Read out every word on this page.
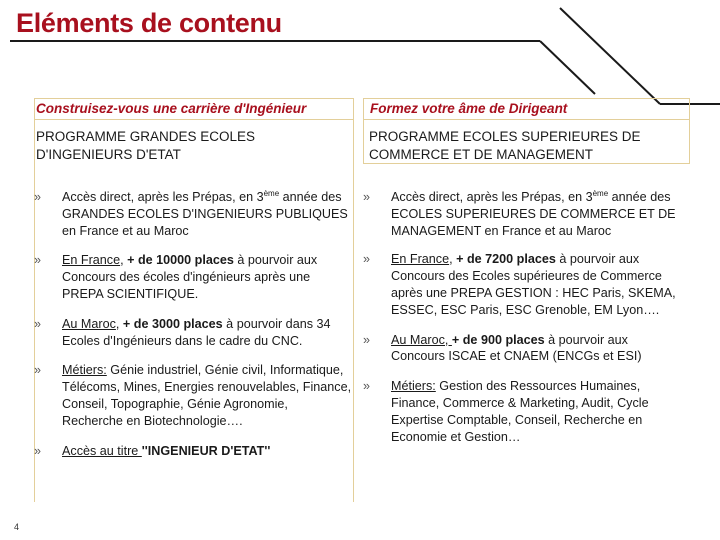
Eléments de contenu
Construisez-vous une carrière d'Ingénieur
PROGRAMME GRANDES ECOLES D'INGENIEURS D'ETAT
Formez votre âme de Dirigeant
PROGRAMME ECOLES SUPERIEURES DE COMMERCE ET DE MANAGEMENT
» Accès direct, après les Prépas, en 3ème année des GRANDES ECOLES D'INGENIEURS PUBLIQUES en France et au Maroc
» En France, + de 10000 places à pourvoir aux Concours des écoles d'ingénieurs après une PREPA SCIENTIFIQUE.
» Au Maroc, + de 3000 places à pourvoir dans 34 Ecoles d'Ingénieurs dans le cadre du CNC.
» Métiers: Génie industriel, Génie civil, Informatique, Télécoms, Mines, Energies renouvelables, Finance, Conseil, Topographie, Génie Agronomie, Recherche en Biotechnologie….
» Accès au titre ''INGENIEUR D'ETAT''
» Accès direct, après les Prépas, en 3ème année des ECOLES SUPERIEURES DE COMMERCE ET DE MANAGEMENT en France et au Maroc
» En France, + de 7200 places à pourvoir aux Concours des Ecoles supérieures de Commerce après une PREPA GESTION : HEC Paris, SKEMA, ESSEC, ESC Paris, ESC Grenoble, EM Lyon….
» Au Maroc, + de 900 places à pourvoir aux Concours ISCAE et CNAEM (ENCGs et ESI)
» Métiers: Gestion des Ressources Humaines, Finance, Commerce & Marketing, Audit, Cycle Expertise Comptable, Conseil, Recherche en Economie et Gestion…
4
